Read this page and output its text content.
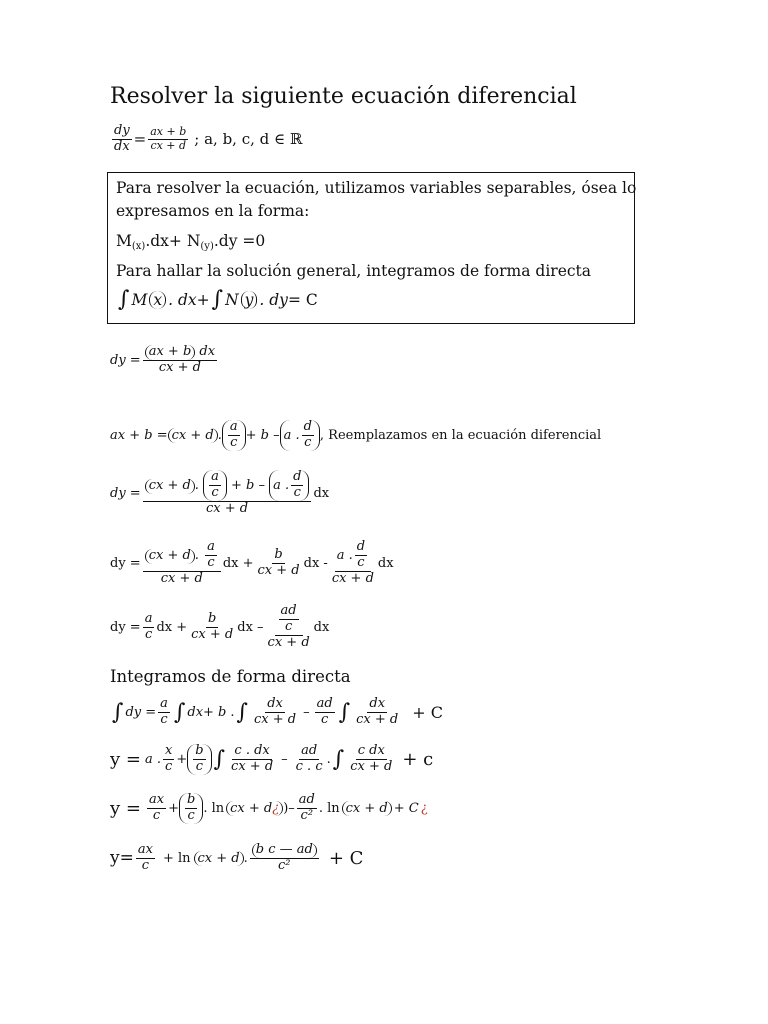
Resolver la siguiente ecuación diferencial
$\frac{dy}{dx} = \frac{ax + b}{cx + d}$ ; a, b, c, d ∈ ℝ
Para resolver la ecuación, utilizamos variables separables, ósea lo
expresamos en la forma:
$M_{(x)}.dx+ N_{(y)}.dy =0$
Para hallar la solución general, integramos de forma directa
∫ M x . dx+ ∫ N y . dy = C
dy = $\frac{\text{ax + b dx}}{cx + d}$
ax + b = cx + d . $\frac{a}{c} + b - a$ . $\frac{d}{c}$ , Reemplazamos en la ecuación diferencial
dy = $\frac{cx + d . \frac{a}{c} + b - a . \frac{d}{c}}{cx + d}$ dx
dy = $\frac{cx + d . \frac{a}{c}}{cx + d}$ dx + $\frac{b}{cx + d}$ dx - $\frac{a . \frac{d}{c}}{cx + d}$ dx
dy = $\frac{a}{c}$ dx + $\frac{b}{cx + d}$ dx – $\frac{\frac{ad}{c}}{cx + d}$ dx
Integramos de forma directa
∫ dy = $\frac{a}{c}$ ∫ dx+ b . ∫ $\frac{dx}{cx + d} - \frac{ad}{c}$ ∫ $\frac{dx}{cx + d} + C$
y = a . $\frac{x}{c} + \frac{b}{c}$ ∫ $\frac{c . dx}{cx + d} - \frac{ad}{c . c}$ . ∫ $\frac{\text{c dx}}{cx + d} + c$
$y = \frac{ax}{c} + \frac{b}{c}$ . ln cx + d¿ )– $\frac{ad}{\text{c²}}$ . ln cx + d + C ¿
$y= \frac{ax}{c} + \ln$ cx + d . $\frac{\text{b c — ad}}{\text{c²}} + C$
